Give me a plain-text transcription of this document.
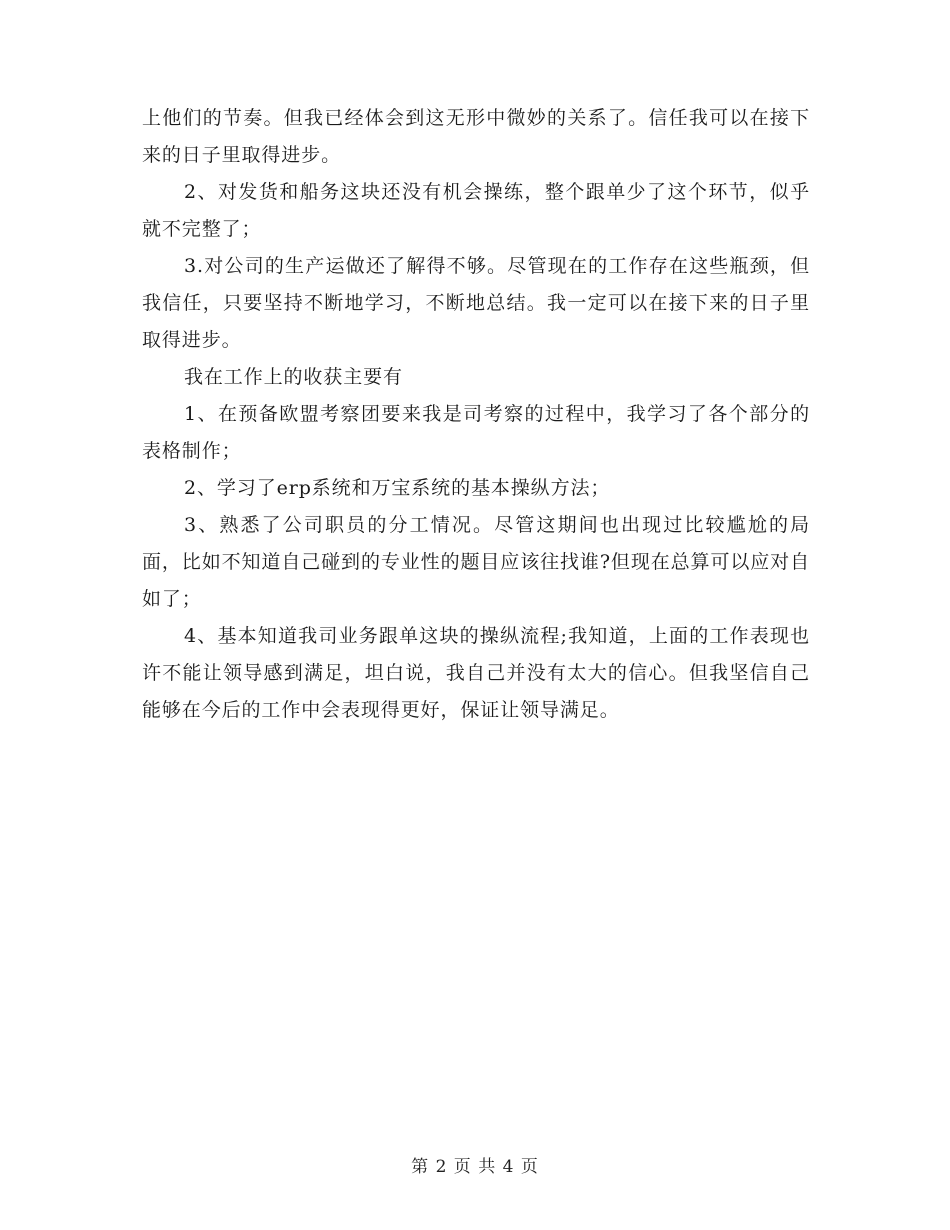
上他们的节奏。但我已经体会到这无形中微妙的关系了。信任我可以在接下来的日子里取得进步。

2、对发货和船务这块还没有机会操练，整个跟单少了这个环节，似乎就不完整了；

3.对公司的生产运做还了解得不够。尽管现在的工作存在这些瓶颈，但我信任，只要坚持不断地学习，不断地总结。我一定可以在接下来的日子里取得进步。

我在工作上的收获主要有

1、在预备欧盟考察团要来我是司考察的过程中，我学习了各个部分的表格制作；

2、学习了erp系统和万宝系统的基本操纵方法；

3、熟悉了公司职员的分工情况。尽管这期间也出现过比较尴尬的局面，比如不知道自己碰到的专业性的题目应该往找谁?但现在总算可以应对自如了；

4、基本知道我司业务跟单这块的操纵流程;我知道，上面的工作表现也许不能让领导感到满足，坦白说，我自己并没有太大的信心。但我坚信自己能够在今后的工作中会表现得更好，保证让领导满足。

第 2 页 共 4 页
